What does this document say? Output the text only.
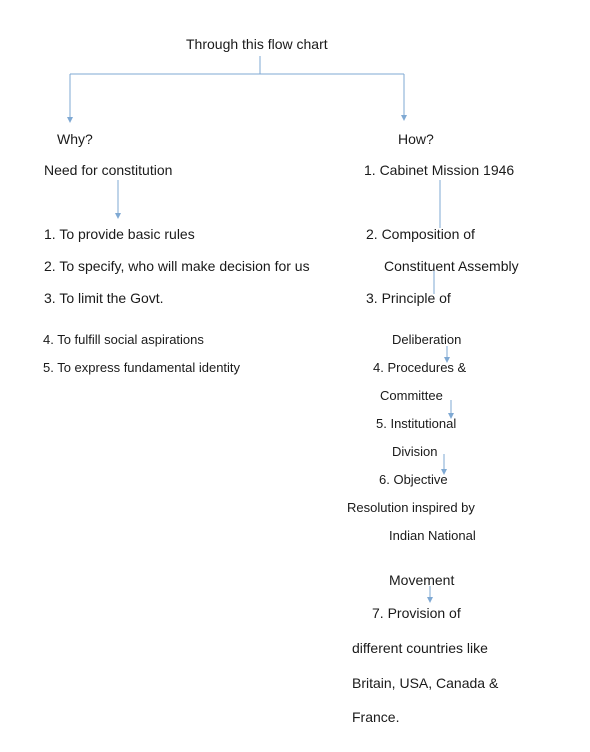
Through this flow chart
Why?
Need for constitution
1. To provide basic rules
2. To specify, who will make decision for us
3. To limit the Govt.
4. To fulfill social aspirations
5. To express fundamental identity
How?
1. Cabinet Mission 1946
2. Composition of
Constituent Assembly
3. Principle of
Deliberation
4. Procedures &
Committee
5. Institutional
Division
6. Objective
Resolution inspired by
Indian National
Movement
7. Provision of
different countries like
Britain, USA, Canada &
France.
